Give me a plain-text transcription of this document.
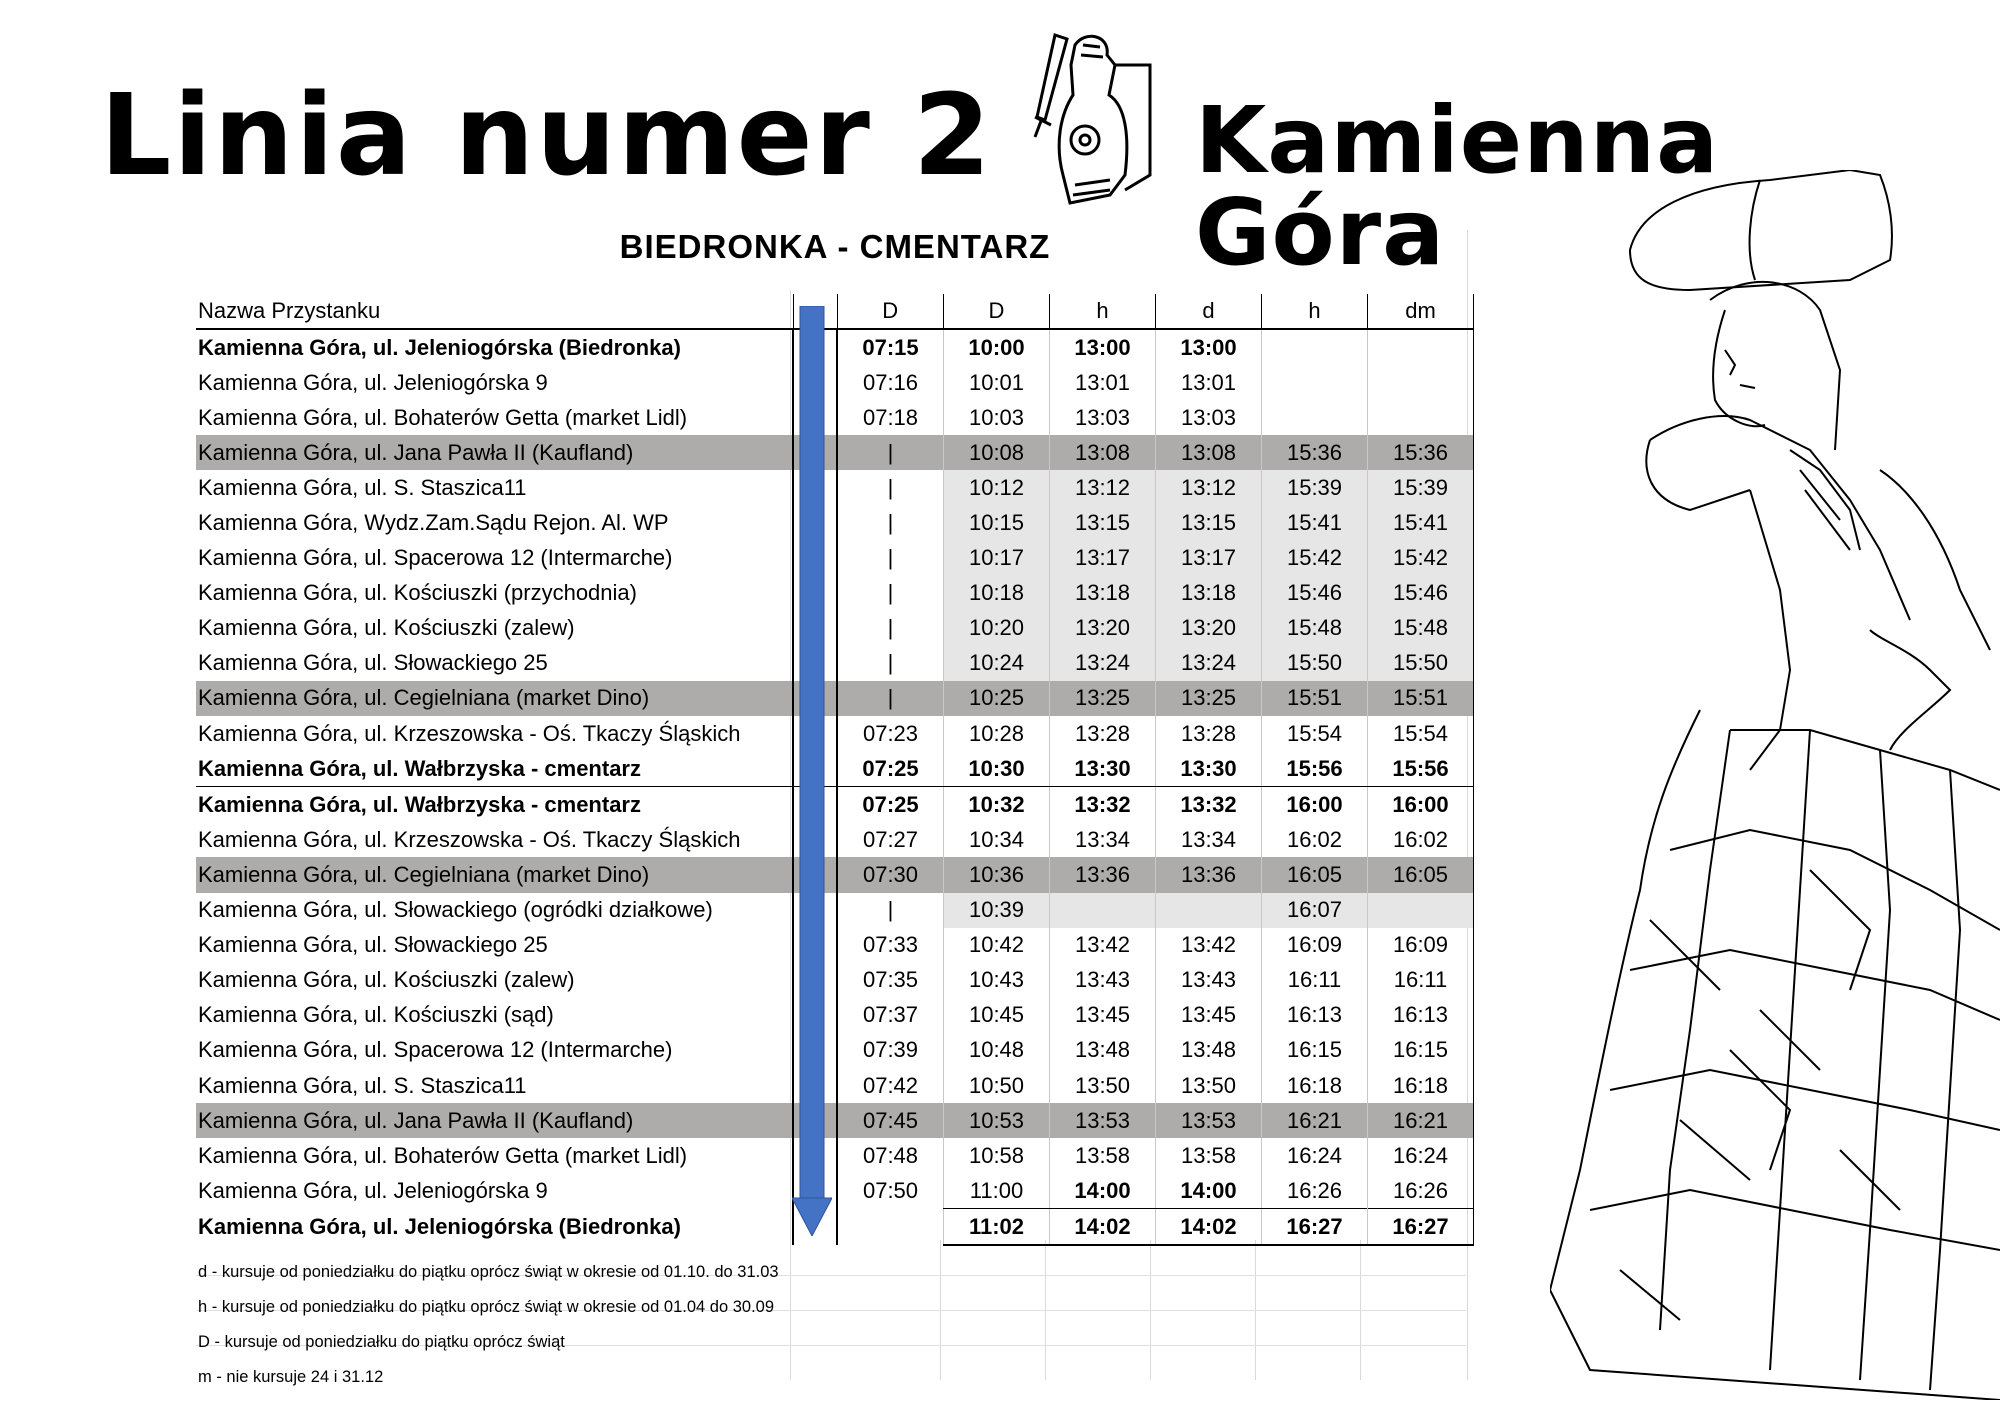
Linia numer 2 Kamienna Góra
BIEDRONKA - CMENTARZ
Nazwa Przystanku		D	D	h	d	h	dm
Kamienna Góra, ul. Jeleniogórska (Biedronka)		07:15	10:00	13:00	13:00		
Kamienna Góra, ul. Jeleniogórska 9		07:16	10:01	13:01	13:01		
Kamienna Góra, ul. Bohaterów Getta (market Lidl)		07:18	10:03	13:03	13:03		
Kamienna Góra, ul. Jana Pawła II (Kaufland)		|	10:08	13:08	13:08	15:36	15:36
Kamienna Góra, ul. S. Staszica11		|	10:12	13:12	13:12	15:39	15:39
Kamienna Góra, Wydz.Zam.Sądu Rejon. Al. WP		|	10:15	13:15	13:15	15:41	15:41
Kamienna Góra, ul. Spacerowa 12 (Intermarche)		|	10:17	13:17	13:17	15:42	15:42
Kamienna Góra, ul. Kościuszki (przychodnia)		|	10:18	13:18	13:18	15:46	15:46
Kamienna Góra, ul. Kościuszki (zalew)		|	10:20	13:20	13:20	15:48	15:48
Kamienna Góra, ul. Słowackiego 25		|	10:24	13:24	13:24	15:50	15:50
Kamienna Góra, ul. Cegielniana (market Dino)		|	10:25	13:25	13:25	15:51	15:51
Kamienna Góra, ul. Krzeszowska - Oś. Tkaczy Śląskich		07:23	10:28	13:28	13:28	15:54	15:54
Kamienna Góra, ul. Wałbrzyska - cmentarz		07:25	10:30	13:30	13:30	15:56	15:56
Kamienna Góra, ul. Wałbrzyska - cmentarz		07:25	10:32	13:32	13:32	16:00	16:00
Kamienna Góra, ul. Krzeszowska - Oś. Tkaczy Śląskich		07:27	10:34	13:34	13:34	16:02	16:02
Kamienna Góra, ul. Cegielniana (market Dino)		07:30	10:36	13:36	13:36	16:05	16:05
Kamienna Góra, ul. Słowackiego (ogródki działkowe)		|	10:39			16:07	
Kamienna Góra, ul. Słowackiego 25		07:33	10:42	13:42	13:42	16:09	16:09
Kamienna Góra, ul. Kościuszki (zalew)		07:35	10:43	13:43	13:43	16:11	16:11
Kamienna Góra, ul. Kościuszki (sąd)		07:37	10:45	13:45	13:45	16:13	16:13
Kamienna Góra, ul. Spacerowa 12 (Intermarche)		07:39	10:48	13:48	13:48	16:15	16:15
Kamienna Góra, ul. S. Staszica11		07:42	10:50	13:50	13:50	16:18	16:18
Kamienna Góra, ul. Jana Pawła II (Kaufland)		07:45	10:53	13:53	13:53	16:21	16:21
Kamienna Góra, ul. Bohaterów Getta (market Lidl)		07:48	10:58	13:58	13:58	16:24	16:24
Kamienna Góra, ul. Jeleniogórska 9		07:50	11:00	14:00	14:00	16:26	16:26
Kamienna Góra, ul. Jeleniogórska (Biedronka)			11:02	14:02	14:02	16:27	16:27
d - kursuje od poniedziałku do piątku oprócz świąt w okresie od 01.10. do 31.03
h - kursuje od poniedziałku do piątku oprócz świąt w okresie od 01.04 do 30.09
D - kursuje od poniedziałku do piątku oprócz świąt
m - nie kursuje 24 i 31.12
